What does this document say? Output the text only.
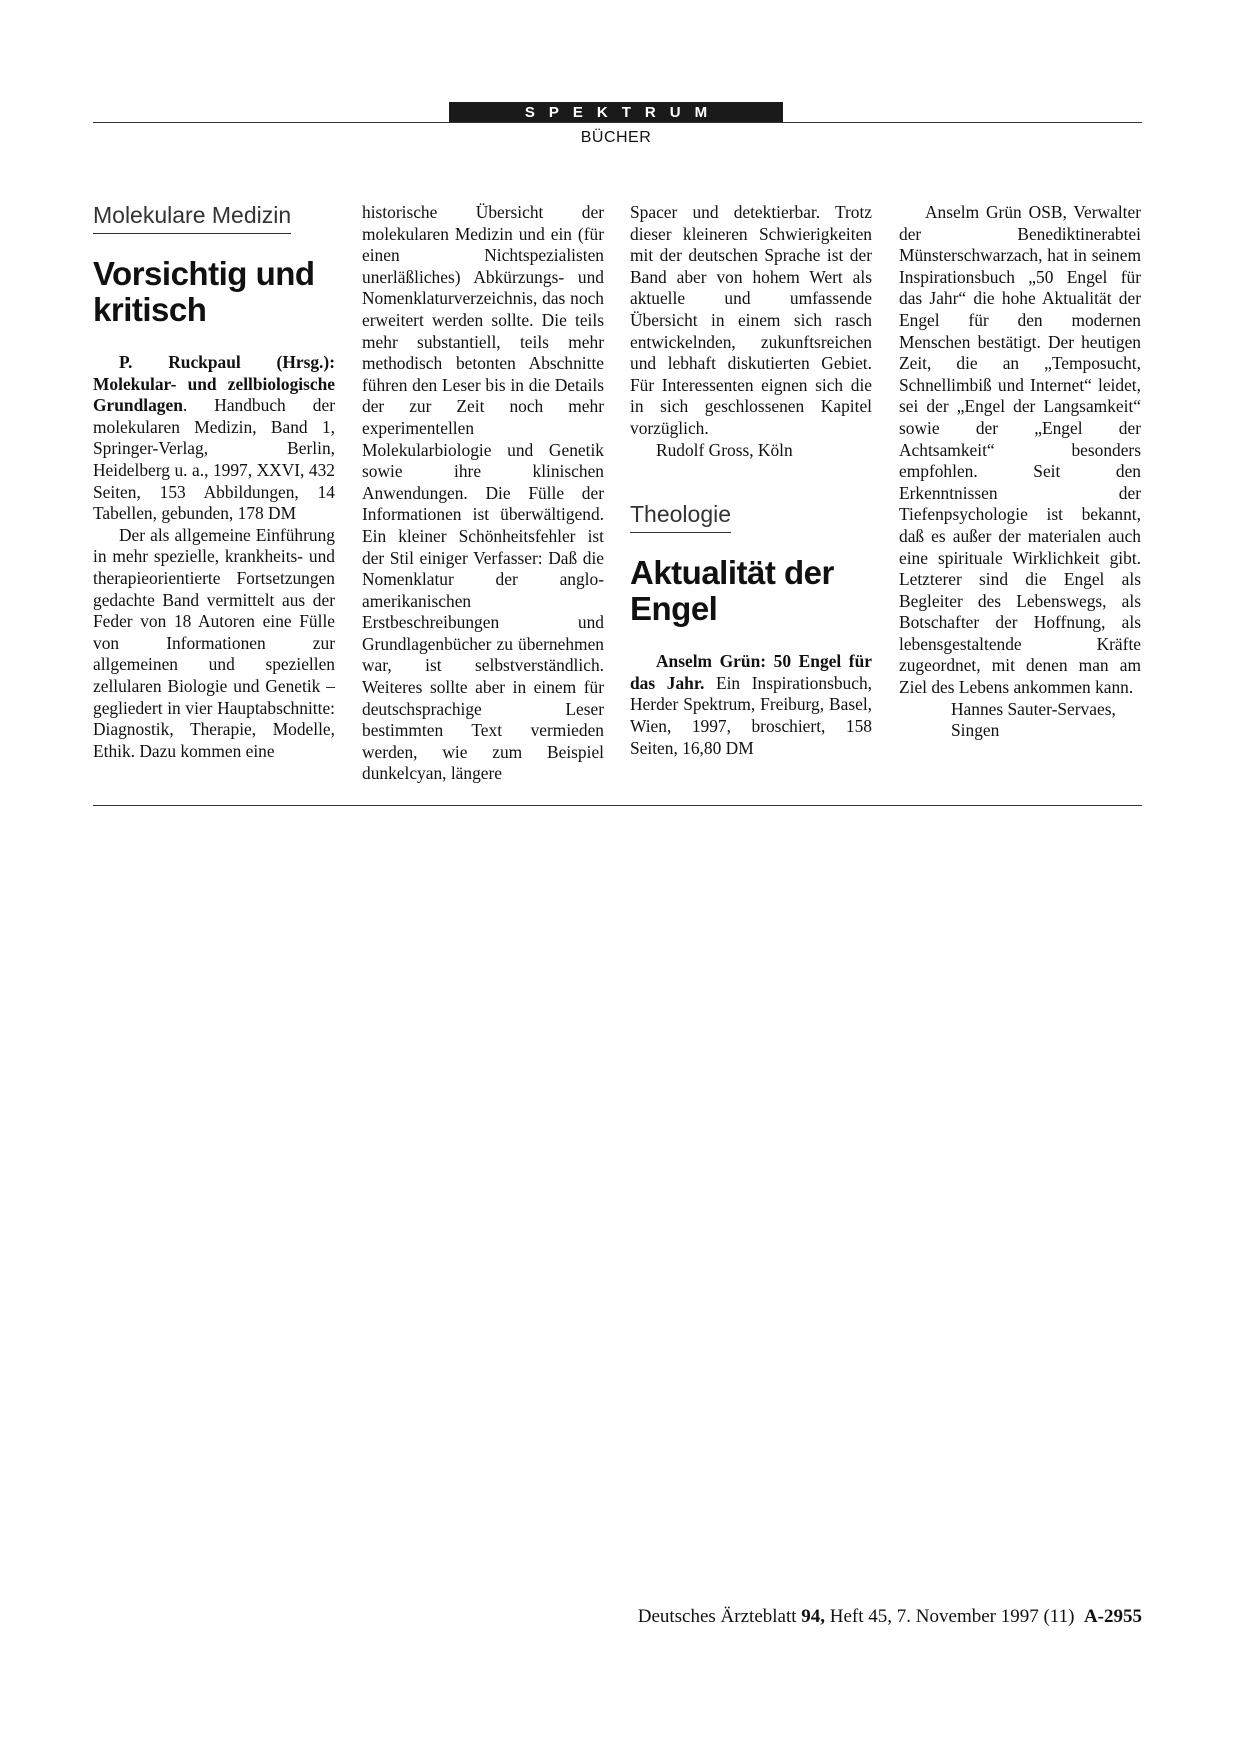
SPEKTRUM
BÜCHER
Molekulare Medizin
Vorsichtig und kritisch

P. Ruckpaul (Hrsg.): Molekular- und zellbiologische Grundlagen. Handbuch der molekularen Medizin, Band 1, Springer-Verlag, Berlin, Heidelberg u. a., 1997, XXVI, 432 Seiten, 153 Abbildungen, 14 Tabellen, gebunden, 178 DM

Der als allgemeine Einführung in mehr spezielle, krankheits- und therapieorientierte Fortsetzungen gedachte Band vermittelt aus der Feder von 18 Autoren eine Fülle von Informationen zur allgemeinen und speziellen zellularen Biologie und Genetik – gegliedert in vier Hauptabschnitte: Diagnostik, Therapie, Modelle, Ethik. Dazu kommen eine

historische Übersicht der molekularen Medizin und ein (für einen Nichtspezialisten unerläßliches) Abkürzungs- und Nomenklaturverzeichnis, das noch erweitert werden sollte. Die teils mehr substantiell, teils mehr methodisch betonten Abschnitte führen den Leser bis in die Details der zur Zeit noch mehr experimentellen Molekularbiologie und Genetik sowie ihre klinischen Anwendungen. Die Fülle der Informationen ist überwältigend. Ein kleiner Schönheitsfehler ist der Stil einiger Verfasser: Daß die Nomenklatur der anglo-amerikanischen Erstbeschreibungen und Grundlagenbücher zu übernehmen war, ist selbstverständlich. Weiteres sollte aber in einem für deutschsprachige Leser bestimmten Text vermieden werden, wie zum Beispiel dunkelcyan, längere

Spacer und detektierbar. Trotz dieser kleineren Schwierigkeiten mit der deutschen Sprache ist der Band aber von hohem Wert als aktuelle und umfassende Übersicht in einem sich rasch entwickelnden, zukunftsreichen und lebhaft diskutierten Gebiet. Für Interessenten eignen sich die in sich geschlossenen Kapitel vorzüglich.

Rudolf Gross, Köln

Theologie
Aktualität der Engel

Anselm Grün: 50 Engel für das Jahr. Ein Inspirationsbuch, Herder Spektrum, Freiburg, Basel, Wien, 1997, broschiert, 158 Seiten, 16,80 DM

Anselm Grün OSB, Verwalter der Benediktinerabtei Münsterschwarzach, hat in seinem Inspirationsbuch „50 Engel für das Jahr“ die hohe Aktualität der Engel für den modernen Menschen bestätigt. Der heutigen Zeit, die an „Temposucht, Schnellimbiß und Internet“ leidet, sei der „Engel der Langsamkeit“ sowie der „Engel der Achtsamkeit“ besonders empfohlen. Seit den Erkenntnissen der Tiefenpsychologie ist bekannt, daß es außer der materialen auch eine spirituale Wirklichkeit gibt. Letzterer sind die Engel als Begleiter des Lebenswegs, als Botschafter der Hoffnung, als lebensgestaltende Kräfte zugeordnet, mit denen man am Ziel des Lebens ankommen kann.

Hannes Sauter-Servaes,

Singen

Deutsches Ärzteblatt 94, Heft 45, 7. November 1997 (11) A-2955
